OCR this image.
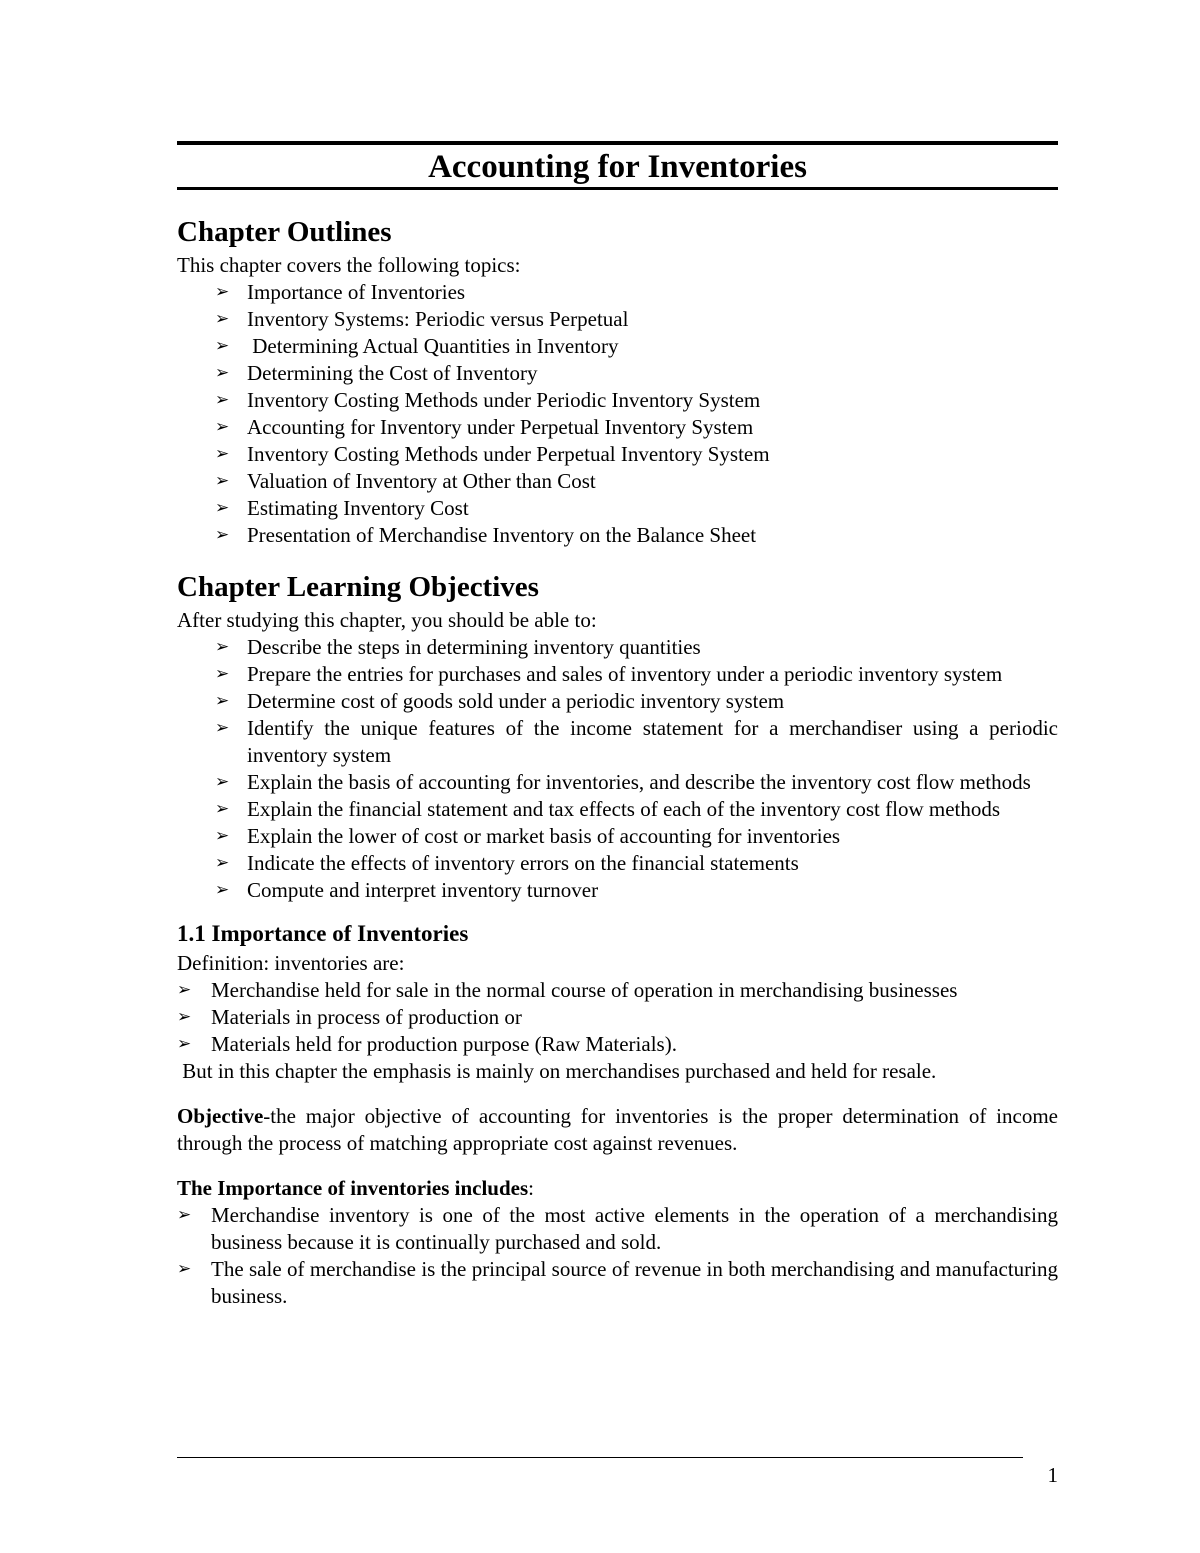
Accounting for Inventories
Chapter Outlines

This chapter covers the following topics:

➢ Importance of Inventories
➢ Inventory Systems: Periodic versus Perpetual
➢ Determining Actual Quantities in Inventory
➢ Determining the Cost of Inventory
➢ Inventory Costing Methods under Periodic Inventory System
➢ Accounting for Inventory under Perpetual Inventory System
➢ Inventory Costing Methods under Perpetual Inventory System
➢ Valuation of Inventory at Other than Cost
➢ Estimating Inventory Cost
➢ Presentation of Merchandise Inventory on the Balance Sheet
Chapter Learning Objectives

After studying this chapter, you should be able to:

➢ Describe the steps in determining inventory quantities
➢ Prepare the entries for purchases and sales of inventory under a periodic inventory system
➢ Determine cost of goods sold under a periodic inventory system
➢ Identify the unique features of the income statement for a merchandiser using a periodic inventory system
➢ Explain the basis of accounting for inventories, and describe the inventory cost flow methods
➢ Explain the financial statement and tax effects of each of the inventory cost flow methods
➢ Explain the lower of cost or market basis of accounting for inventories
➢ Indicate the effects of inventory errors on the financial statements
➢ Compute and interpret inventory turnover
1.1 Importance of Inventories

Definition: inventories are:

➢ Merchandise held for sale in the normal course of operation in merchandising businesses
➢ Materials in process of production or
➢ Materials held for production purpose (Raw Materials).

But in this chapter the emphasis is mainly on merchandises purchased and held for resale.

Objective-the major objective of accounting for inventories is the proper determination of income through the process of matching appropriate cost against revenues.

The Importance of inventories includes:

➢ Merchandise inventory is one of the most active elements in the operation of a merchandising business because it is continually purchased and sold.
➢ The sale of merchandise is the principal source of revenue in both merchandising and manufacturing business.
1
